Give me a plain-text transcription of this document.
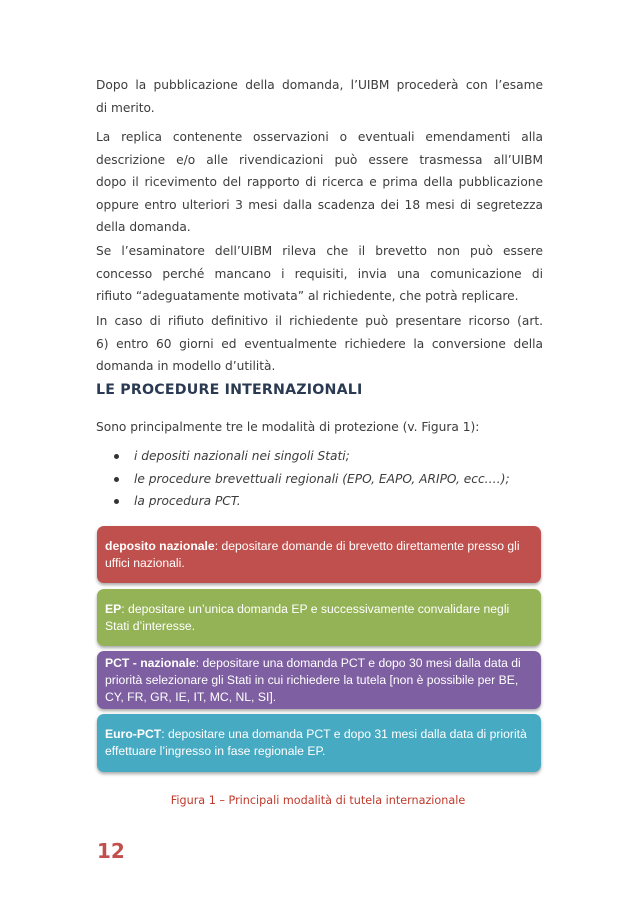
Dopo la pubblicazione della domanda, l’UIBM procederà con l’esame
di merito.

La replica contenente osservazioni o eventuali emendamenti alla
descrizione e/o alle rivendicazioni può essere trasmessa all’UIBM
dopo il ricevimento del rapporto di ricerca e prima della pubblicazione
oppure entro ulteriori 3 mesi dalla scadenza dei 18 mesi di segretezza
della domanda.

Se l’esaminatore dell’UIBM rileva che il brevetto non può essere
concesso perché mancano i requisiti, invia una comunicazione di
rifiuto “adeguatamente motivata” al richiedente, che potrà replicare.

In caso di rifiuto definitivo il richiedente può presentare ricorso (art.
6) entro 60 giorni ed eventualmente richiedere la conversione della
domanda in modello d’utilità.

LE PROCEDURE INTERNAZIONALI

Sono principalmente tre le modalità di protezione (v. Figura 1):

i depositi nazionali nei singoli Stati;
le procedure brevettuali regionali (EPO, EAPO, ARIPO, ecc.…);
la procedura PCT.
deposito nazionale: depositare domande di brevetto direttamente presso gli
uffici nazionali.
EP: depositare un’unica domanda EP e successivamente convalidare negli
Stati d’interesse.
PCT - nazionale: depositare una domanda PCT e dopo 30 mesi dalla data di
priorità selezionare gli Stati in cui richiedere la tutela [non è possibile per BE,
CY, FR, GR, IE, IT, MC, NL, SI].
Euro-PCT: depositare una domanda PCT e dopo 31 mesi dalla data di priorità
effettuare l’ingresso in fase regionale EP.
Figura 1 – Principali modalità di tutela internazionale
12
